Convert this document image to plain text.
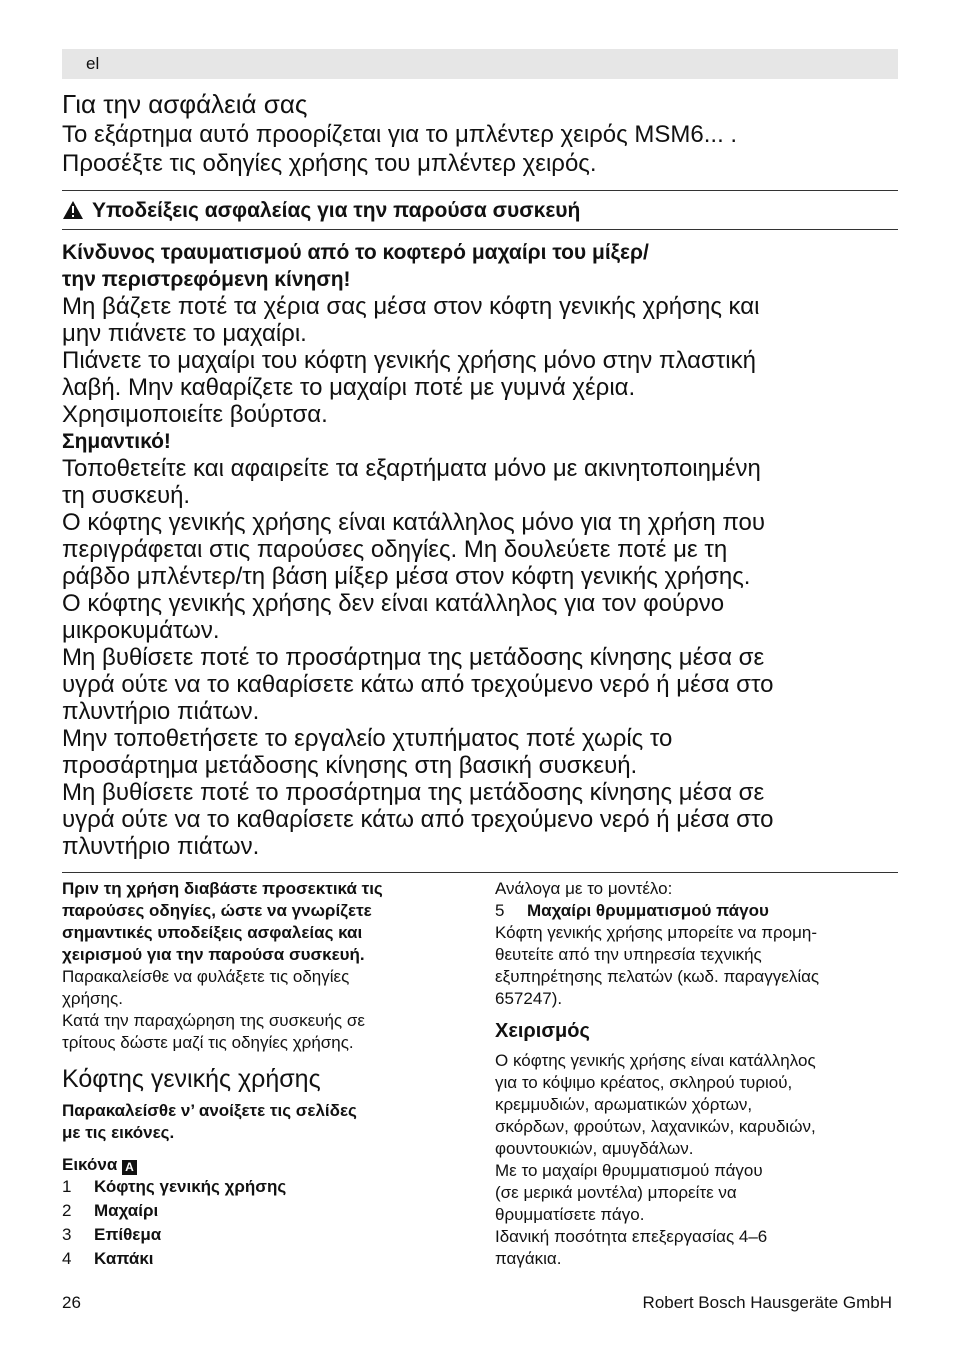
el
Για την ασφάλειά σας
Το εξάρτημα αυτό προορίζεται για το μπλέντερ χειρός MSM6... .
Προσέξτε τις οδηγίες χρήσης του μπλέντερ χειρός.
Υποδείξεις ασφαλείας για την παρούσα συσκευή

Κίνδυνος τραυματισμού από το κοφτερό μαχαίρι του μίξερ/

την περιστρεφόμενη κίνηση!

Μη βάζετε ποτέ τα χέρια σας μέσα στον κόφτη γενικής χρήσης και

μην πιάνετε το μαχαίρι.

Πιάνετε το μαχαίρι του κόφτη γενικής χρήσης μόνο στην πλαστική

λαβή. Μην καθαρίζετε το μαχαίρι ποτέ με γυμνά χέρια.

Χρησιμοποιείτε βούρτσα.

Σημαντικό!

Τοποθετείτε και αφαιρείτε τα εξαρτήματα μόνο με ακινητοποιημένη

τη συσκευή.

Ο κόφτης γενικής χρήσης είναι κατάλληλος μόνο για τη χρήση που

περιγράφεται στις παρούσες οδηγίες. Μη δουλεύετε ποτέ με τη

ράβδο μπλέντερ/τη βάση μίξερ μέσα στον κόφτη γενικής χρήσης.

Ο κόφτης γενικής χρήσης δεν είναι κατάλληλος για τον φούρνο

μικροκυμάτων.

Μη βυθίσετε ποτέ το προσάρτημα της μετάδοσης κίνησης μέσα σε

υγρά ούτε να το καθαρίσετε κάτω από τρεχούμενο νερό ή μέσα στο

πλυντήριο πιάτων.

Μην τοποθετήσετε το εργαλείο χτυπήματος ποτέ χωρίς το

προσάρτημα μετάδοσης κίνησης στη βασική συσκευή.

Μη βυθίσετε ποτέ το προσάρτημα της μετάδοσης κίνησης μέσα σε

υγρά ούτε να το καθαρίσετε κάτω από τρεχούμενο νερό ή μέσα στο

πλυντήριο πιάτων.

Πριν τη χρήση διαβάστε προσεκτικά τις

παρούσες οδηγίες, ώστε να γνωρίζετε

σημαντικές υποδείξεις ασφαλείας και

χειρισμού για την παρούσα συσκευή.

Παρακαλείσθε να φυλάξετε τις οδηγίες

χρήσης.

Κατά την παραχώρηση της συσκευής σε

τρίτους δώστε μαζί τις οδηγίες χρήσης.

Κόφτης γενικής χρήσης

Παρακαλείσθε ν’ ανοίξετε τις σελίδες

με τις εικόνες.

Εικόνα A

1	Κόφτης γενικής χρήσης
2	Μαχαίρι
3	Επίθεμα
4	Καπάκι

Ανάλογα με το μοντέλο:

5	Μαχαίρι θρυμματισμού πάγου

Κόφτη γενικής χρήσης μπορείτε να προμη-

θευτείτε από την υπηρεσία τεχνικής

εξυπηρέτησης πελατών (κωδ. παραγγελίας

657247).

Χειρισμός

Ο κόφτης γενικής χρήσης είναι κατάλληλος

για το κόψιμο κρέατος, σκληρού τυριού,

κρεμμυδιών, αρωματικών χόρτων,

σκόρδων, φρούτων, λαχανικών, καρυδιών,

φουντουκιών, αμυγδάλων.

Με το μαχαίρι θρυμματισμού πάγου

(σε μερικά μοντέλα) μπορείτε να

θρυμματίσετε πάγο.

Ιδανική ποσότητα επεξεργασίας 4–6

παγάκια.

26	Robert Bosch Hausgeräte GmbH
